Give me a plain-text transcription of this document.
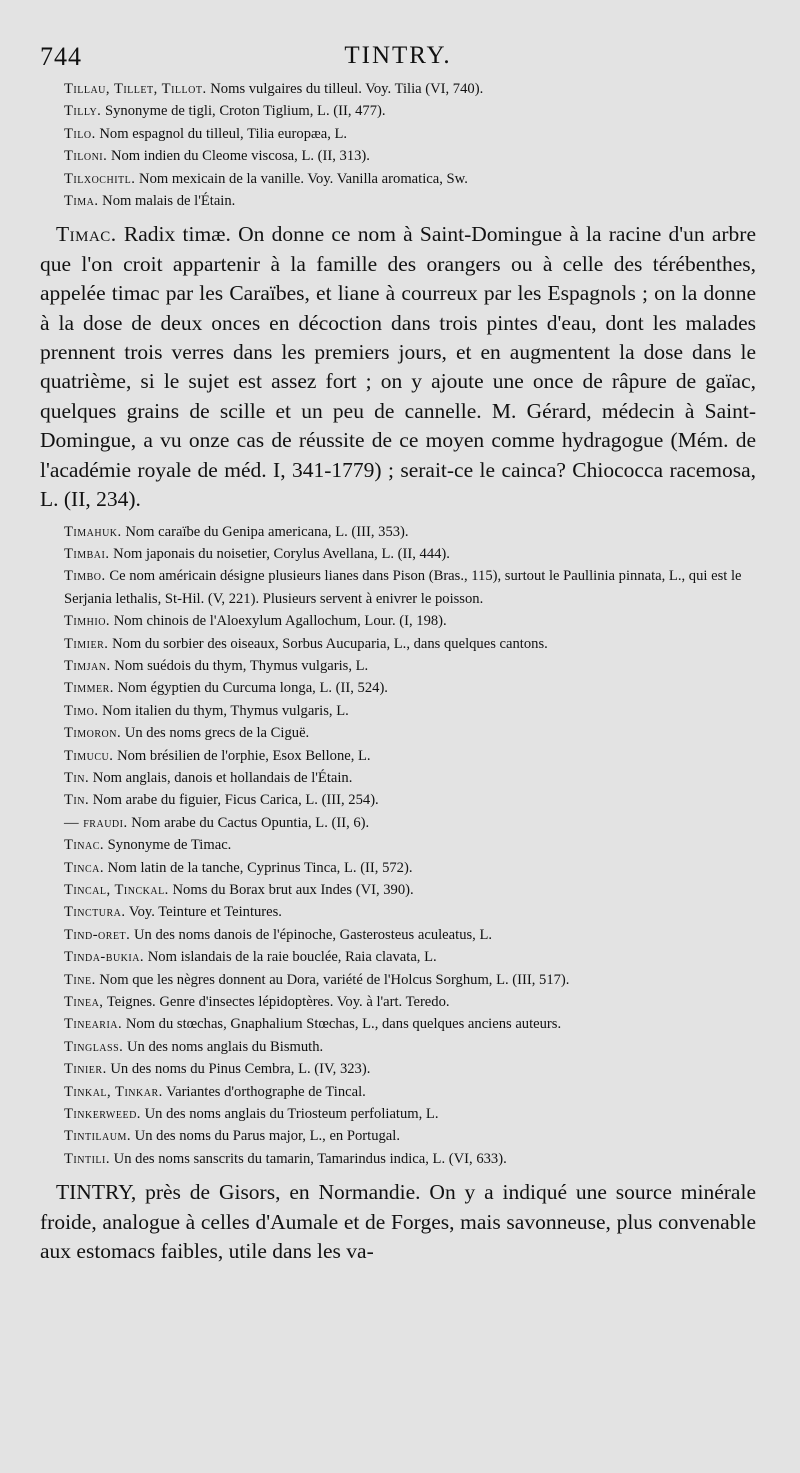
744	TINTRY.

Tillau, Tillet, Tillot. Noms vulgaires du tilleul. Voy. Tilia (VI, 740).

Tilly. Synonyme de tigli, Croton Tiglium, L. (II, 477).

Tilo. Nom espagnol du tilleul, Tilia europæa, L.

Tiloni. Nom indien du Cleome viscosa, L. (II, 313).

Tilxochitl. Nom mexicain de la vanille. Voy. Vanilla aromatica, Sw.

Tima. Nom malais de l'Étain.

Timac. Radix timæ. On donne ce nom à Saint-Domingue à la racine d'un arbre que l'on croit appartenir à la famille des orangers ou à celle des térébenthes, appelée timac par les Caraïbes, et liane à courreux par les Espagnols ; on la donne à la dose de deux onces en décoction dans trois pintes d'eau, dont les malades prennent trois verres dans les premiers jours, et en augmentent la dose dans le quatrième, si le sujet est assez fort ; on y ajoute une once de râpure de gaïac, quelques grains de scille et un peu de cannelle. M. Gérard, médecin à Saint-Domingue, a vu onze cas de réussite de ce moyen comme hydragogue (Mém. de l'académie royale de méd. I, 341-1779) ; serait-ce le cainca? Chiococca racemosa, L. (II, 234).

Timahuk. Nom caraïbe du Genipa americana, L. (III, 353).

Timbai. Nom japonais du noisetier, Corylus Avellana, L. (II, 444).

Timbo. Ce nom américain désigne plusieurs lianes dans Pison (Bras., 115), surtout le Paullinia pinnata, L., qui est le Serjania lethalis, St-Hil. (V, 221). Plusieurs servent à enivrer le poisson.

Timhio. Nom chinois de l'Aloexylum Agallochum, Lour. (I, 198).

Timier. Nom du sorbier des oiseaux, Sorbus Aucuparia, L., dans quelques cantons.

Timjan. Nom suédois du thym, Thymus vulgaris, L.

Timmer. Nom égyptien du Curcuma longa, L. (II, 524).

Timo. Nom italien du thym, Thymus vulgaris, L.

Timoron. Un des noms grecs de la Ciguë.

Timucu. Nom brésilien de l'orphie, Esox Bellone, L.

Tin. Nom anglais, danois et hollandais de l'Étain.

Tin. Nom arabe du figuier, Ficus Carica, L. (III, 254).

— fraudi. Nom arabe du Cactus Opuntia, L. (II, 6).

Tinac. Synonyme de Timac.

Tinca. Nom latin de la tanche, Cyprinus Tinca, L. (II, 572).

Tincal, Tinckal. Noms du Borax brut aux Indes (VI, 390).

Tinctura. Voy. Teinture et Teintures.

Tind-oret. Un des noms danois de l'épinoche, Gasterosteus aculeatus, L.

Tinda-bukia. Nom islandais de la raie bouclée, Raia clavata, L.

Tine. Nom que les nègres donnent au Dora, variété de l'Holcus Sorghum, L. (III, 517).

Tinea, Teignes. Genre d'insectes lépidoptères. Voy. à l'art. Teredo.

Tinearia. Nom du stœchas, Gnaphalium Stœchas, L., dans quelques anciens auteurs.

Tinglass. Un des noms anglais du Bismuth.

Tinier. Un des noms du Pinus Cembra, L. (IV, 323).

Tinkal, Tinkar. Variantes d'orthographe de Tincal.

Tinkerweed. Un des noms anglais du Triosteum perfoliatum, L.

Tintilaum. Un des noms du Parus major, L., en Portugal.

Tintili. Un des noms sanscrits du tamarin, Tamarindus indica, L. (VI, 633).

TINTRY, près de Gisors, en Normandie. On y a indiqué une source minérale froide, analogue à celles d'Aumale et de Forges, mais savonneuse, plus convenable aux estomacs faibles, utile dans les va-
